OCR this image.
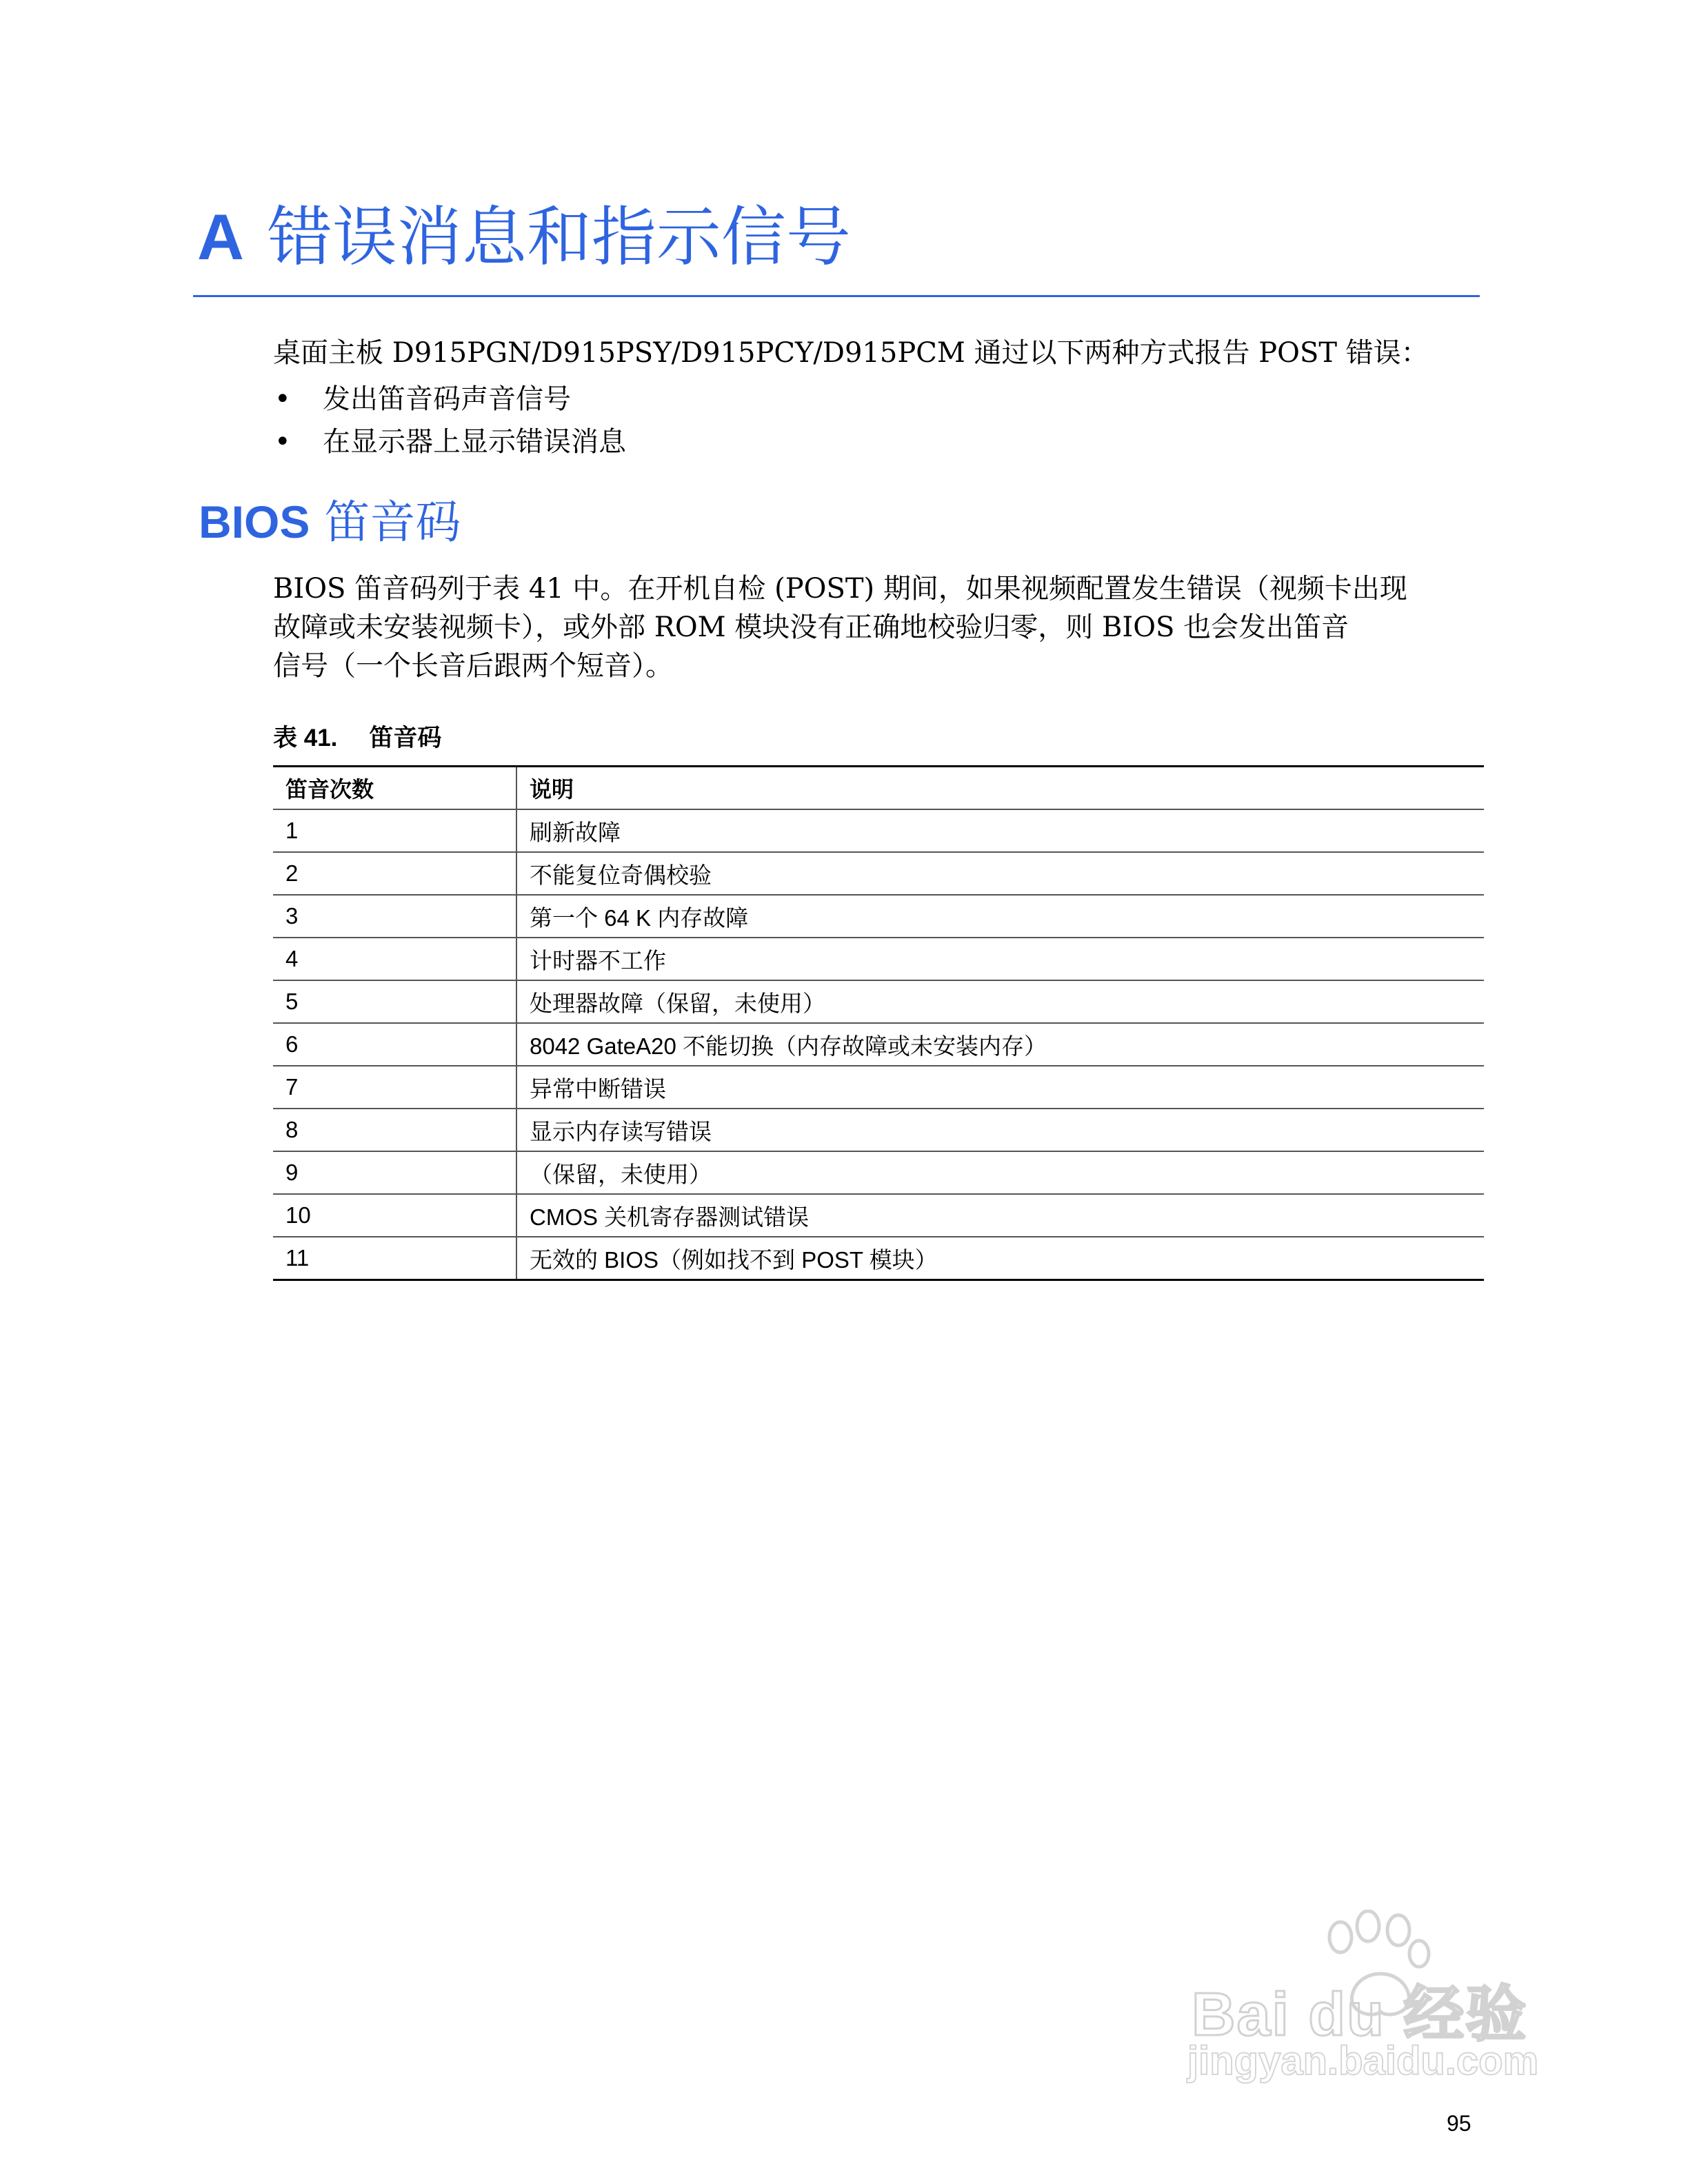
A 错误消息和指示信号

桌面主板 D915PGN/D915PSY/D915PCY/D915PCM 通过以下两种方式报告 POST 错误：

• 发出笛音码声音信号
• 在显示器上显示错误消息
BIOS 笛音码

BIOS 笛音码列于表 41 中。在开机自检 (POST) 期间，如果视频配置发生错误（视频卡出现
故障或未安装视频卡），或外部 ROM 模块没有正确地校验归零，则 BIOS 也会发出笛音
信号（一个长音后跟两个短音）。

表 41. 笛音码
笛音次数	说明
1	刷新故障
2	不能复位奇偶校验
3	第一个 64 K 内存故障
4	计时器不工作
5	处理器故障（保留，未使用）
6	8042 GateA20 不能切换（内存故障或未安装内存）
7	异常中断错误
8	显示内存读写错误
9	（保留，未使用）
10	CMOS 关机寄存器测试错误
11	无效的 BIOS（例如找不到 POST 模块）
Bai du 经验
jingyan.baidu.com
95
